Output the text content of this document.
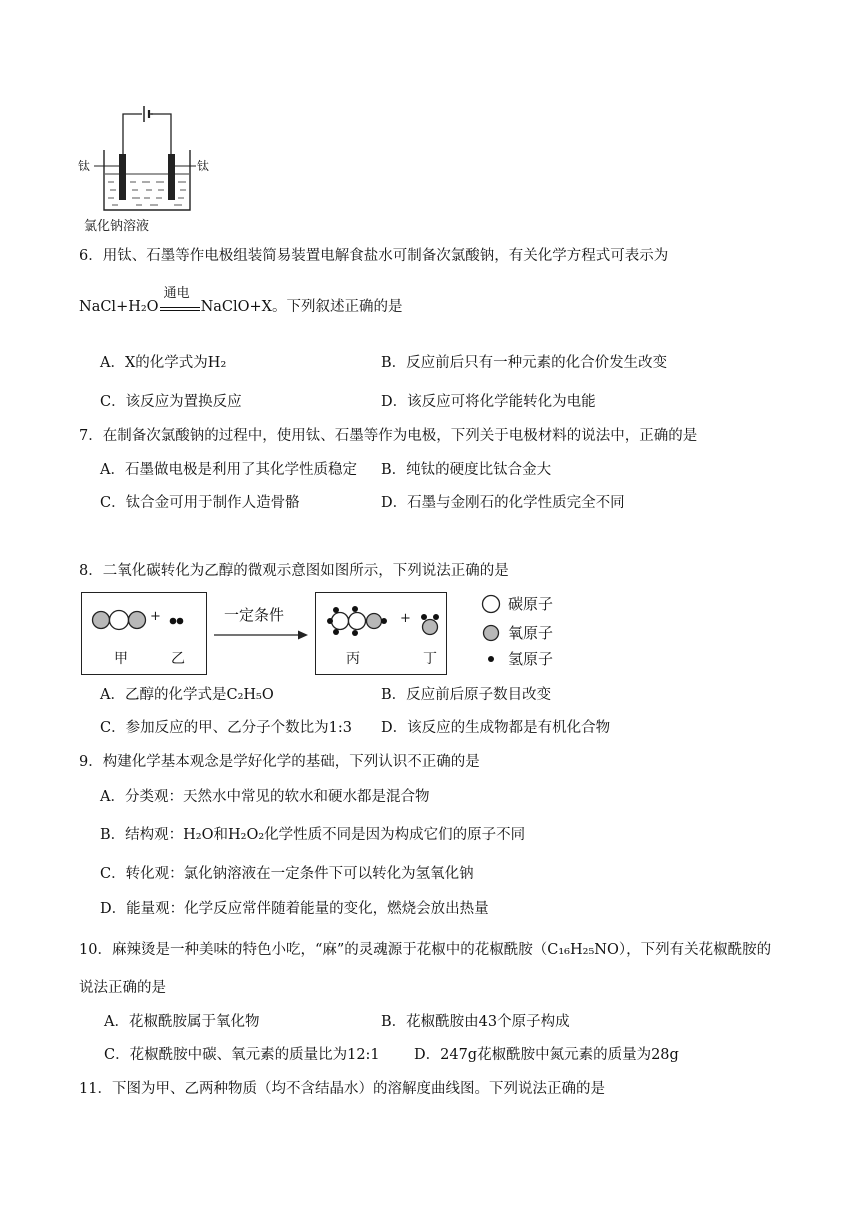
钛	钛
氯化钠溶液
6．用钛、石墨等作电极组装简易装置电解食盐水可制备次氯酸钠，有关化学方程式可表示为
NaCl+H₂O
通电
NaClO+X 。下列叙述正确的是
A．X的化学式为H₂	B．反应前后只有一种元素的化合价发生改变
C．该反应为置换反应	D．该反应可将化学能转化为电能
7．在制备次氯酸钠的过程中，使用钛、石墨等作为电极，下列关于电极材料的说法中，正确的是
A．石墨做电极是利用了其化学性质稳定 B．纯钛的硬度比钛合金大
C．钛合金可用于制作人造骨骼	D．石墨与金刚石的化学性质完全不同
8．二氧化碳转化为乙醇的微观示意图如图所示，下列说法正确的是
+
甲	乙
一定条件	+
丙	丁
碳原子
氧原子
氢原子
A．乙醇的化学式是C₂H₅O	B．反应前后原子数目改变
C．参加反应的甲、乙分子个数比为1:3 D．该反应的生成物都是有机化合物
9．构建化学基本观念是学好化学的基础，下列认识不正确的是
A．分类观：天然水中常见的软水和硬水都是混合物
B．结构观：H₂O和H₂O₂化学性质不同是因为构成它们的原子不同
C．转化观：氯化钠溶液在一定条件下可以转化为氢氧化钠
D．能量观：化学反应常伴随着能量的变化，燃烧会放出热量
10．麻辣烫是一种美味的特色小吃，“麻”的灵魂源于花椒中的花椒酰胺（C₁₆H₂₅NO），下列有关花椒酰胺的
说法正确的是
A．花椒酰胺属于氧化物	B．花椒酰胺由43个原子构成
C．花椒酰胺中碳、氧元素的质量比为12:1 D．247g花椒酰胺中氮元素的质量为28g
11．下图为甲、乙两种物质（均不含结晶水）的溶解度曲线图。下列说法正确的是
